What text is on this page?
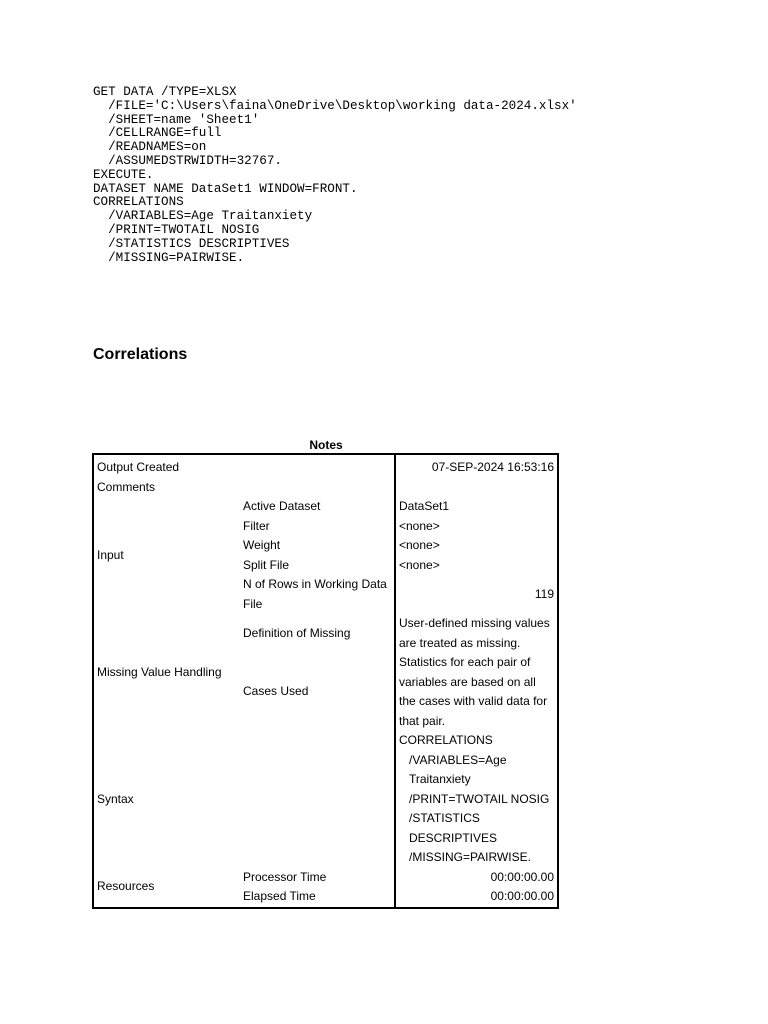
GET DATA /TYPE=XLSX
/FILE='C:\Users\faina\OneDrive\Desktop\working data-2024.xlsx'
/SHEET=name 'Sheet1'
/CELLRANGE=full
/READNAMES=on
/ASSUMEDSTRWIDTH=32767.
EXECUTE.
DATASET NAME DataSet1 WINDOW=FRONT.
CORRELATIONS
/VARIABLES=Age Traitanxiety
/PRINT=TWOTAIL NOSIG
/STATISTICS DESCRIPTIVES
/MISSING=PAIRWISE.
Correlations
Notes
Output Created		07-SEP-2024 16:53:16
Comments		
Input	Active Dataset	DataSet1
	Filter	<none>
	Weight	<none>
	Split File	<none>
	N of Rows in Working Data File	119
Missing Value Handling	Definition of Missing	User-defined missing values are treated as missing.
	Cases Used	Statistics for each pair of variables are based on all the cases with valid data for that pair.
Syntax		CORRELATIONS
/VARIABLES=Age Traitanxiety
/PRINT=TWOTAIL NOSIG
/STATISTICS DESCRIPTIVES
/MISSING=PAIRWISE.

Resources	Processor Time	00:00:00.00
	Elapsed Time	00:00:00.00
